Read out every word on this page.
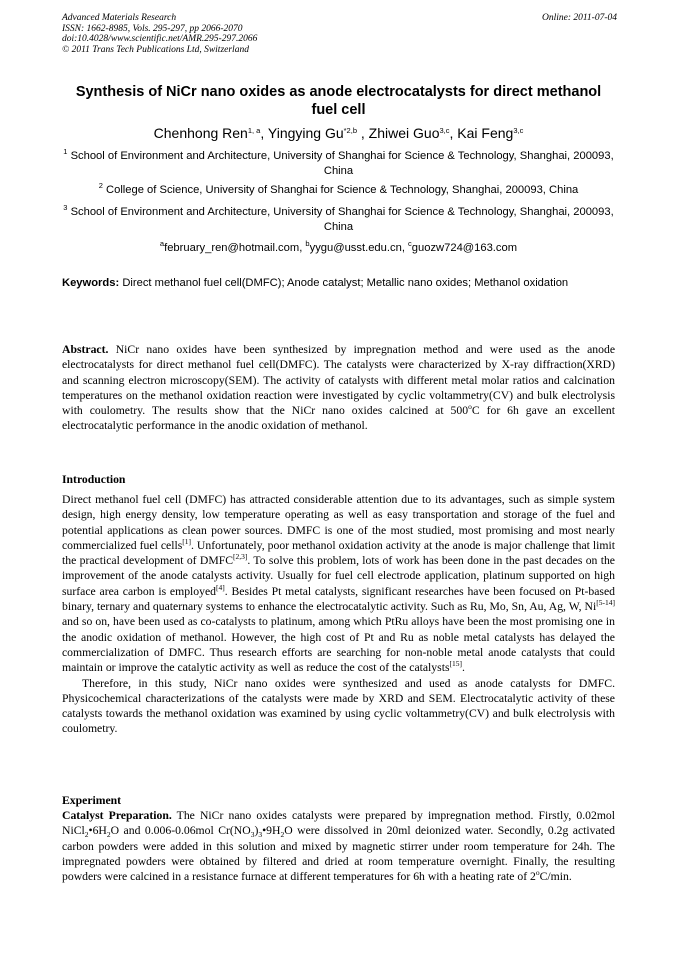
Advanced Materials Research
ISSN: 1662-8985, Vols. 295-297, pp 2066-2070
doi:10.4028/www.scientific.net/AMR.295-297.2066
© 2011 Trans Tech Publications Ltd, Switzerland
Online: 2011-07-04
Synthesis of NiCr nano oxides as anode electrocatalysts for direct methanol fuel cell
Chenhong Ren$^{1, a}$, Yingying Gu$^{*2,b}$ , Zhiwei Guo$^{3,c}$, Kai Feng$^{3,c}$
$^1$ School of Environment and Architecture, University of Shanghai for Science & Technology, Shanghai, 200093, China
$^2$ College of Science, University of Shanghai for Science & Technology, Shanghai, 200093, China
$^3$ School of Environment and Architecture, University of Shanghai for Science & Technology, Shanghai, 200093, China
$^a$february_ren@hotmail.com, $^b$yygu@usst.edu.cn, $^c$guozw724@163.com
Keywords: Direct methanol fuel cell(DMFC); Anode catalyst; Metallic nano oxides; Methanol oxidation
Abstract. NiCr nano oxides have been synthesized by impregnation method and were used as the anode electrocatalysts for direct methanol fuel cell(DMFC). The catalysts were characterized by X-ray diffraction(XRD) and scanning electron microscopy(SEM). The activity of catalysts with different metal molar ratios and calcination temperatures on the methanol oxidation reaction were investigated by cyclic voltammetry(CV) and bulk electrolysis with coulometry. The results show that the NiCr nano oxides calcined at 500$^o$C for 6h gave an excellent electrocatalytic performance in the anodic oxidation of methanol.
Introduction
Direct methanol fuel cell (DMFC) has attracted considerable attention due to its advantages, such as simple system design, high energy density, low temperature operating as well as easy transportation and storage of the fuel and potential applications as clean power sources. DMFC is one of the most studied, most promising and most nearly commercialized fuel cells[1]. Unfortunately, poor methanol oxidation activity at the anode is major challenge that limit the practical development of DMFC[2,3]. To solve this problem, lots of work has been done in the past decades on the improvement of the anode catalysts activity. Usually for fuel cell electrode application, platinum supported on high surface area carbon is employed[4]. Besides Pt metal catalysts, significant researches have been focused on Pt-based binary, ternary and quaternary systems to enhance the electrocatalytic activity. Such as Ru, Mo, Sn, Au, Ag, W, Ni[5-14] and so on, have been used as co-catalysts to platinum, among which PtRu alloys have been the most promising one in the anodic oxidation of methanol. However, the high cost of Pt and Ru as noble metal catalysts has delayed the commercialization of DMFC. Thus research efforts are searching for non-noble metal anode catalysts that could maintain or improve the catalytic activity as well as reduce the cost of the catalysts[15].
Therefore, in this study, NiCr nano oxides were synthesized and used as anode catalysts for DMFC. Physicochemical characterizations of the catalysts were made by XRD and SEM. Electrocatalytic activity of these catalysts towards the methanol oxidation was examined by using cyclic voltammetry(CV) and bulk electrolysis with coulometry.
Experiment
Catalyst Preparation. The NiCr nano oxides catalysts were prepared by impregnation method. Firstly, 0.02mol $NiCl_2•6H_2O$ and 0.006-0.06mol $Cr(NO_3)_3•9H_2O$ were dissolved in 20ml deionized water. Secondly, 0.2g activated carbon powders were added in this solution and mixed by magnetic stirrer under room temperature for 24h. The impregnated powders were obtained by filtered and dried at room temperature overnight. Finally, the resulting powders were calcined in a resistance furnace at different temperatures for 6h with a heating rate of 2$^o$C/min.
